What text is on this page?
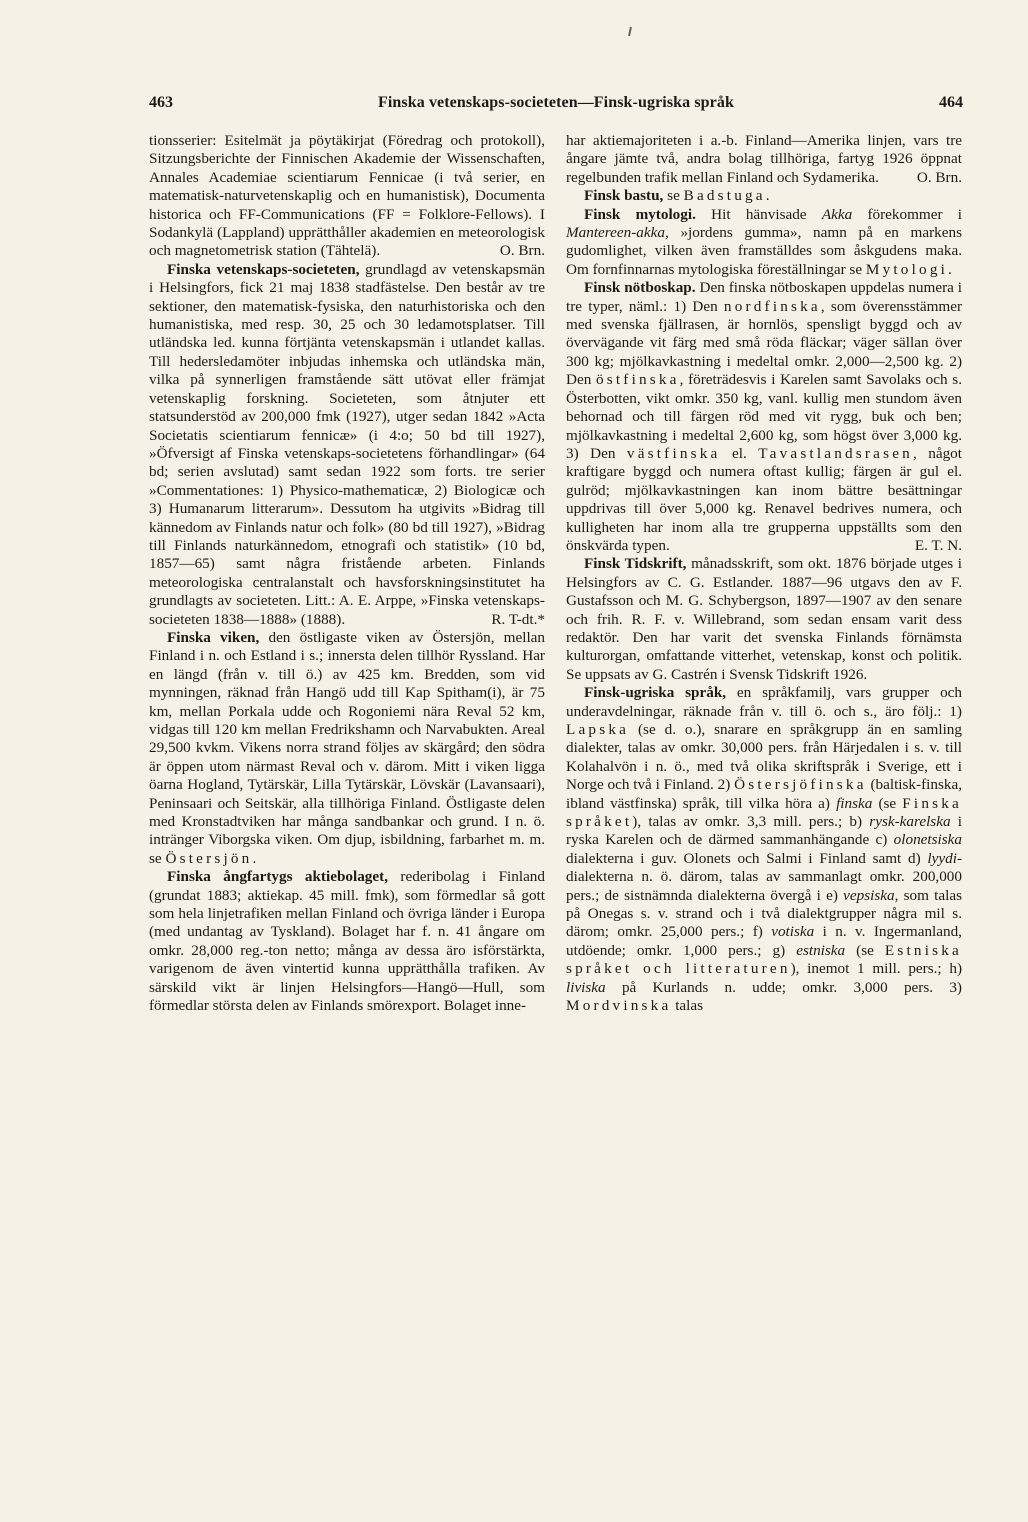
463	Finska vetenskaps-societeten—Finsk-ugriska språk	464

tionsserier: Esitelmät ja pöytäkirjat (Föredrag och protokoll), Sitzungsberichte der Finnischen Akademie der Wissenschaften, Annales Academiae scientiarum Fennicae (i två serier, en matematisk-naturvetenskaplig och en humanistisk), Documenta historica och FF-Communications (FF = Folklore-Fellows). I Sodankylä (Lappland) upprätthåller akademien en meteorologisk och magnetometrisk station (Tähtelä).	O. Brn.

Finska vetenskaps-societeten, grundlagd av vetenskapsmän i Helsingfors, fick 21 maj 1838 stadfästelse. Den består av tre sektioner, den matematisk-fysiska, den naturhistoriska och den humanistiska, med resp. 30, 25 och 30 ledamotsplatser. Till utländska led. kunna förtjänta vetenskapsmän i utlandet kallas. Till hedersledamöter inbjudas inhemska och utländska män, vilka på synnerligen framstående sätt utövat eller främjat vetenskaplig forskning. Societeten, som åtnjuter ett statsunderstöd av 200,000 fmk (1927), utger sedan 1842 »Acta Societatis scientiarum fennicæ» (i 4:o; 50 bd till 1927), »Öfversigt af Finska vetenskaps-societetens förhandlingar» (64 bd; serien avslutad) samt sedan 1922 som forts. tre serier »Commentationes: 1) Physico-mathematicæ, 2) Biologicæ och 3) Humanarum litterarum». Dessutom ha utgivits »Bidrag till kännedom av Finlands natur och folk» (80 bd till 1927), »Bidrag till Finlands naturkännedom, etnografi och statistik» (10 bd, 1857—65) samt några fristående arbeten. Finlands meteorologiska centralanstalt och havsforskningsinstitutet ha grundlagts av societeten. Litt.: A. E. Arppe, »Finska vetenskaps-societeten 1838—1888» (1888).	R. T-dt.*

Finska viken, den östligaste viken av Östersjön, mellan Finland i n. och Estland i s.; innersta delen tillhör Ryssland. Har en längd (från v. till ö.) av 425 km. Bredden, som vid mynningen, räknad från Hangö udd till Kap Spitham(i), är 75 km, mellan Porkala udde och Rogoniemi nära Reval 52 km, vidgas till 120 km mellan Fredrikshamn och Narvabukten. Areal 29,500 kvkm. Vikens norra strand följes av skärgård; den södra är öppen utom närmast Reval och v. därom. Mitt i viken ligga öarna Hogland, Tytärskär, Lilla Tytärskär, Lövskär (Lavansaari), Peninsaari och Seitskär, alla tillhöriga Finland. Östligaste delen med Kronstadtviken har många sandbankar och grund. I n. ö. intränger Viborgska viken. Om djup, isbildning, farbarhet m. m. se Östersjön.

Finska ångfartygs aktiebolaget, rederibolag i Finland (grundat 1883; aktiekap. 45 mill. fmk), som förmedlar så gott som hela linjetrafiken mellan Finland och övriga länder i Europa (med undantag av Tyskland). Bolaget har f. n. 41 ångare om omkr. 28,000 reg.-ton netto; många av dessa äro isförstärkta, varigenom de även vintertid kunna upprätthålla trafiken. Av särskild vikt är linjen Helsingfors—Hangö—Hull, som förmedlar största delen av Finlands smörexport. Bolaget inne-

har aktiemajoriteten i a.-b. Finland—Amerika linjen, vars tre ångare jämte två, andra bolag tillhöriga, fartyg 1926 öppnat regelbunden trafik mellan Finland och Sydamerika. O. Brn.

Finsk bastu, se Badstuga.

Finsk mytologi. Hit hänvisade Akka förekommer i Mantereen-akka, »jordens gumma», namn på en markens gudomlighet, vilken även framställdes som åskgudens maka. Om fornfinnarnas mytologiska föreställningar se Mytologi.

Finsk nötboskap. Den finska nötboskapen uppdelas numera i tre typer, näml.: 1) Den nordfinska, som överensstämmer med svenska fjällrasen, är hornlös, spensligt byggd och av övervägande vit färg med små röda fläckar; väger sällan över 300 kg; mjölkavkastning i medeltal omkr. 2,000—2,500 kg. 2) Den östfinska, företrädesvis i Karelen samt Savolaks och s. Österbotten, vikt omkr. 350 kg, vanl. kullig men stundom även behornad och till färgen röd med vit rygg, buk och ben; mjölkavkastning i medeltal 2,600 kg, som högst över 3,000 kg. 3) Den västfinska el. Tavastlandsrasen, något kraftigare byggd och numera oftast kullig; färgen är gul el. gulröd; mjölkavkastningen kan inom bättre besättningar uppdrivas till över 5,000 kg. Renavel bedrives numera, och kulligheten har inom alla tre grupperna uppställts som den önskvärda typen.	E. T. N.

Finsk Tidskrift, månadsskrift, som okt. 1876 började utges i Helsingfors av C. G. Estlander. 1887—96 utgavs den av F. Gustafsson och M. G. Schybergson, 1897—1907 av den senare och frih. R. F. v. Willebrand, som sedan ensam varit dess redaktör. Den har varit det svenska Finlands förnämsta kulturorgan, omfattande vitterhet, vetenskap, konst och politik. Se uppsats av G. Castrén i Svensk Tidskrift 1926.

Finsk-ugriska språk, en språkfamilj, vars grupper och underavdelningar, räknade från v. till ö. och s., äro följ.: 1) Lapska (se d. o.), snarare en språkgrupp än en samling dialekter, talas av omkr. 30,000 pers. från Härjedalen i s. v. till Kolahalvön i n. ö., med två olika skriftspråk i Sverige, ett i Norge och två i Finland. 2) Östersjöfinska (baltisk-finska, ibland västfinska) språk, till vilka höra a) finska (se Finska språket), talas av omkr. 3,3 mill. pers.; b) rysk-karelska i ryska Karelen och de därmed sammanhängande c) olonetsiska dialekterna i guv. Olonets och Salmi i Finland samt d) lyydi-dialekterna n. ö. därom, talas av sammanlagt omkr. 200,000 pers.; de sistnämnda dialekterna övergå i e) vepsiska, som talas på Onegas s. v. strand och i två dialektgrupper några mil s. därom; omkr. 25,000 pers.; f) votiska i n. v. Ingermanland, utdöende; omkr. 1,000 pers.; g) estniska (se Estniska språket och litteraturen), inemot 1 mill. pers.; h) liviska på Kurlands n. udde; omkr. 3,000 pers. 3) Mordvinska talas
